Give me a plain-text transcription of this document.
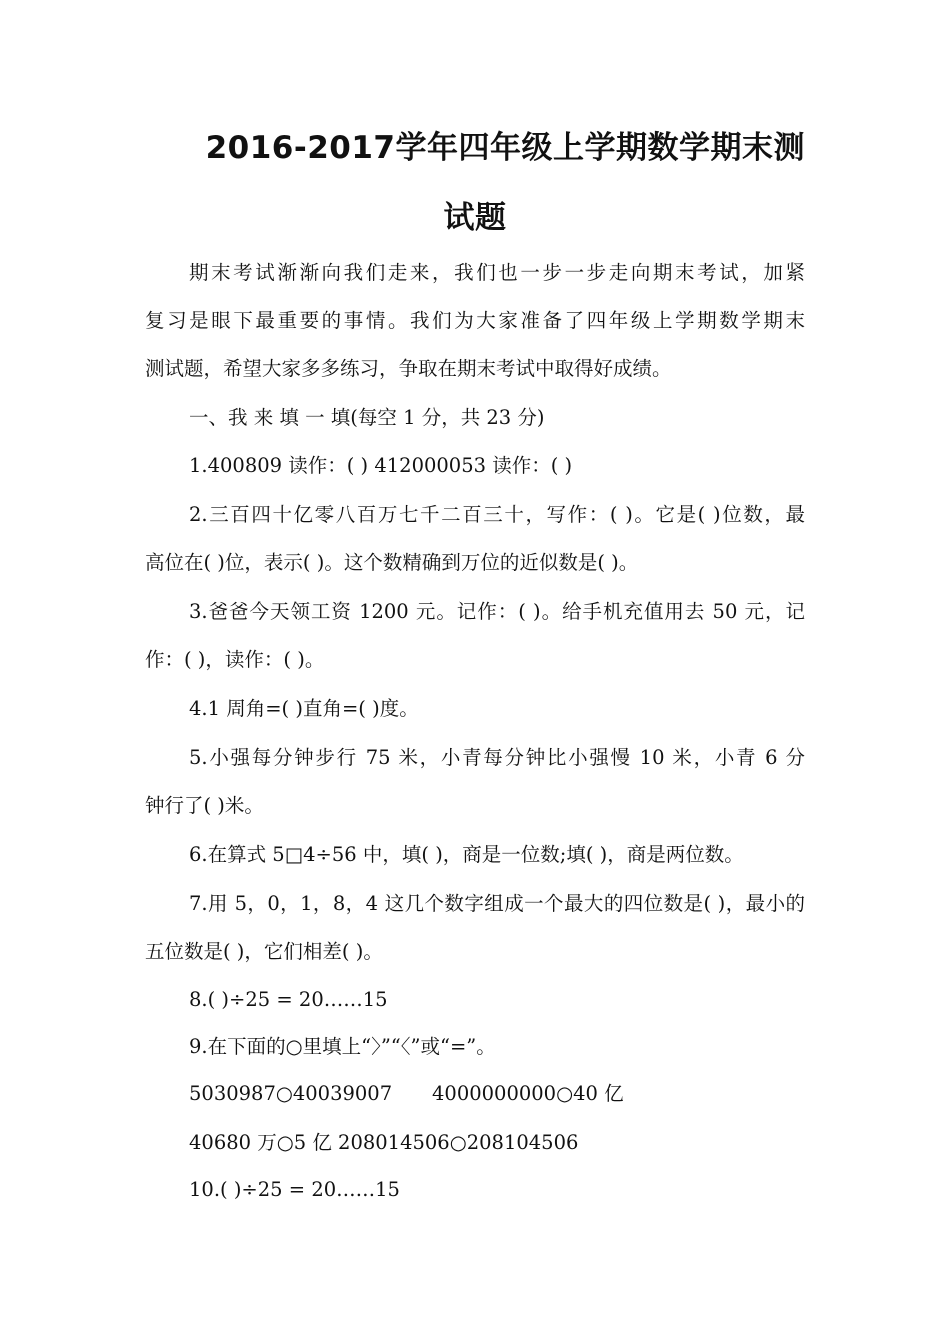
2016-2017学年四年级上学期数学期末测
试题
期末考试渐渐向我们走来，我们也一步一步走向期末考试，加紧
复习是眼下最重要的事情。我们为大家准备了四年级上学期数学期末
测试题，希望大家多多练习，争取在期末考试中取得好成绩。
一、我 来 填 一 填(每空 1 分，共 23 分)
1.400809 读作：( ) 412000053 读作：( )
2.三百四十亿零八百万七千二百三十，写作：( )。它是( )位数，最
高位在( )位，表示( )。这个数精确到万位的近似数是( )。
3.爸爸今天领工资 1200 元。记作：( )。给手机充值用去 50 元，记
作：( )，读作：( )。
4.1 周角=( )直角=( )度。
5.小强每分钟步行 75 米，小青每分钟比小强慢 10 米，小青 6 分
钟行了( )米。
6.在算式 5□4÷56 中，填( )，商是一位数;填( )，商是两位数。
7.用 5，0，1，8，4 这几个数字组成一个最大的四位数是( )，最小的
五位数是( )，它们相差( )。
8.( )÷25 = 20……15
9.在下面的○里填上“〉”“〈”或“=”。
5030987○40039007 4000000000○40 亿
40680 万○5 亿 208014506○208104506
10.( )÷25 = 20……15
